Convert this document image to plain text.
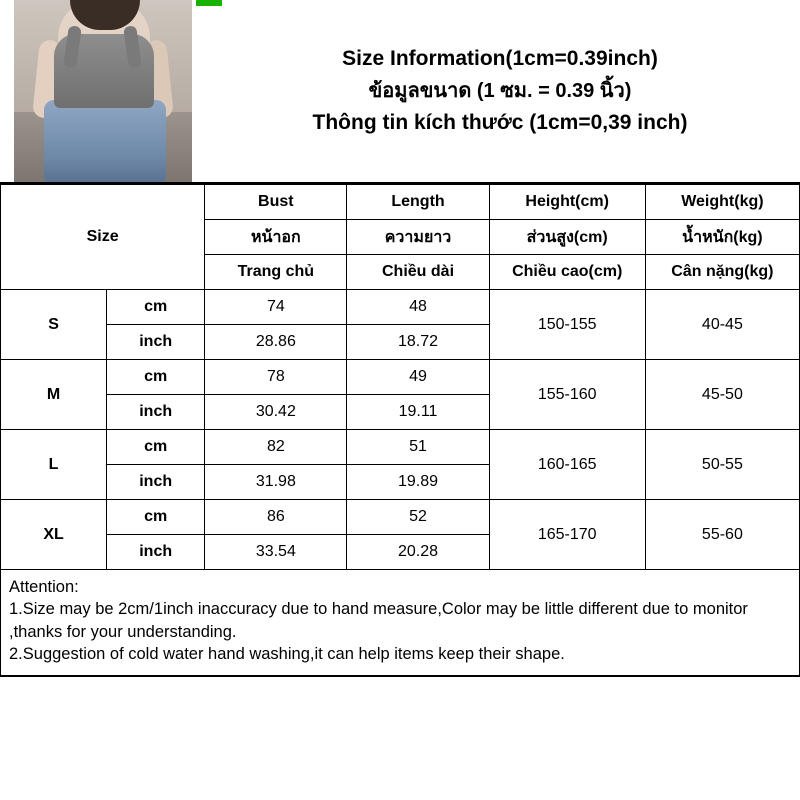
Size Information(1cm=0.39inch)
ข้อมูลขนาด (1 ซม. = 0.39 นิ้ว)
Thông tin kích thước (1cm=0,39 inch)
Size		Bust	Length	Height(cm)	Weight(kg)
		หน้าอก	ความยาว	ส่วนสูง(cm)	น้ำหนัก(kg)
		Trang chủ	Chiều dài	Chiều cao(cm)	Cân nặng(kg)
S	cm	74	48	150-155	40-45
	inch	28.86	18.72		
M	cm	78	49	155-160	45-50
	inch	30.42	19.11		
L	cm	82	51	160-165	50-55
	inch	31.98	19.89		
XL	cm	86	52	165-170	55-60
	inch	33.54	20.28		

Attention:

1.Size may be 2cm/1inch inaccuracy due to hand measure,Color may be little different due to monitor ,thanks for your understanding.

2.Suggestion of cold water hand washing,it can help items keep their shape.
